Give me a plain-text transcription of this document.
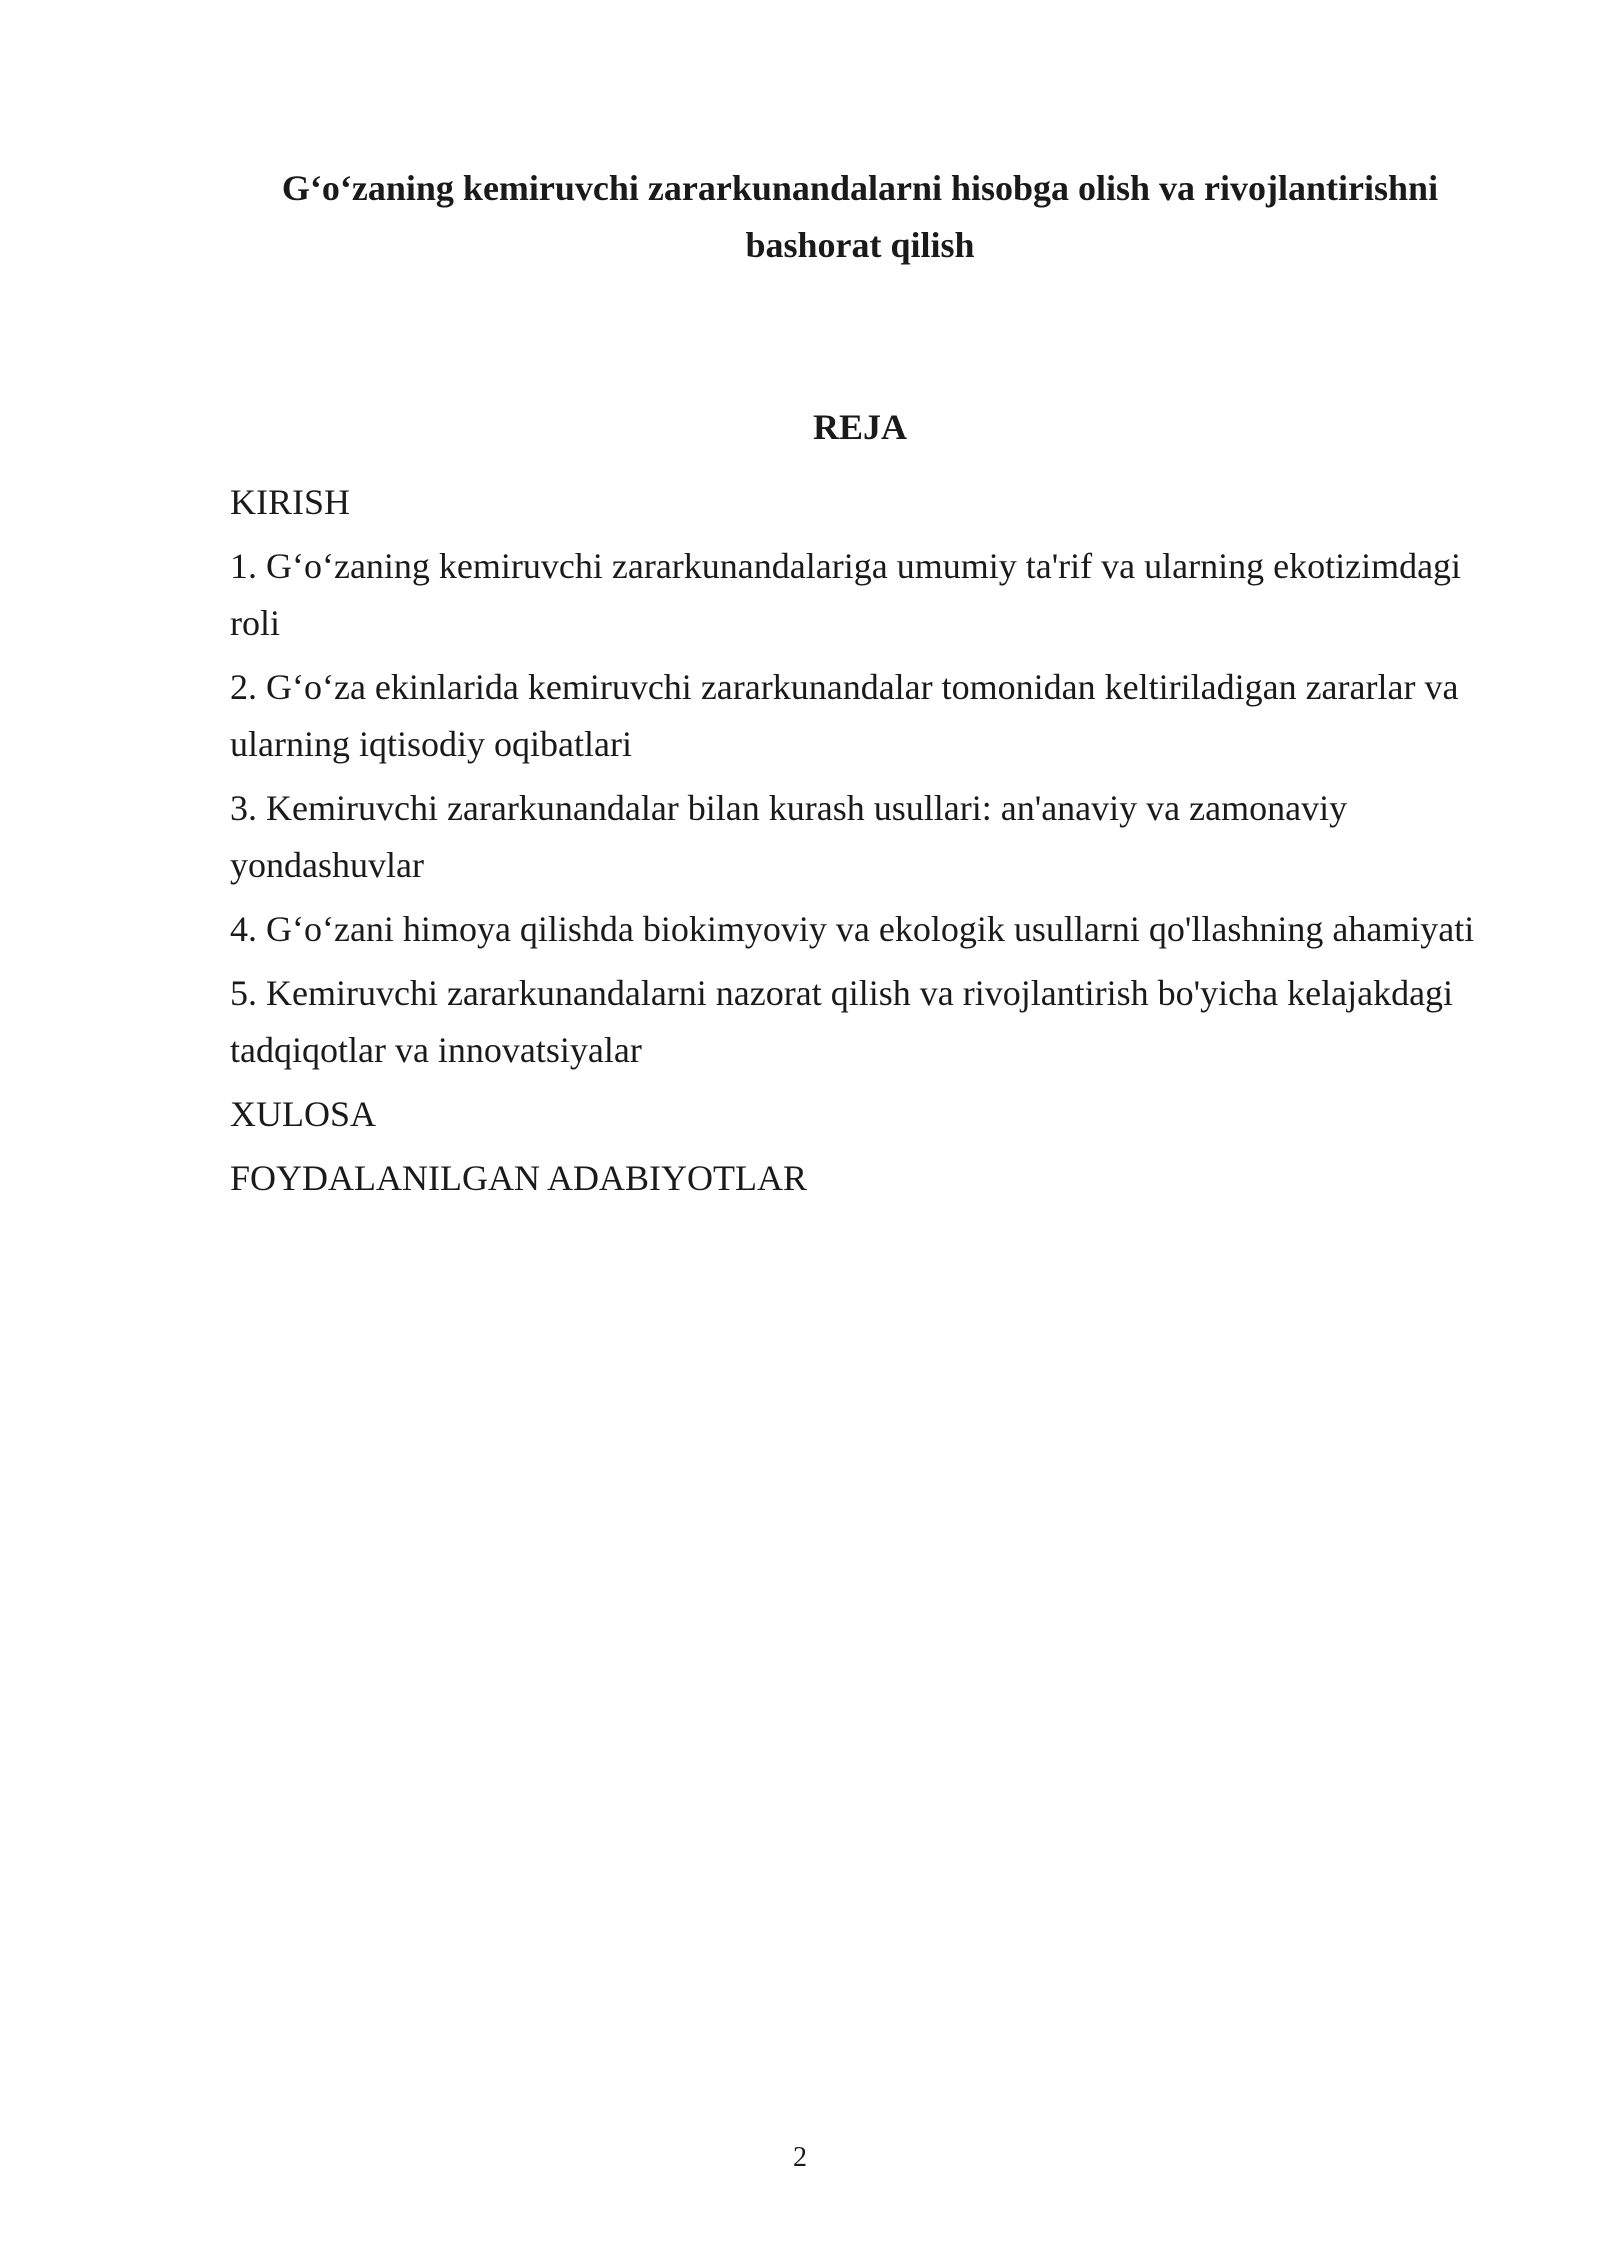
G‘o‘zaning kemiruvchi zararkunandalarni hisobga olish va rivojlantirishni bashorat qilish
REJA
KIRISH
1. G‘o‘zaning kemiruvchi zararkunandalariga umumiy ta'rif va ularning ekotizimdagi roli
2. G‘o‘za ekinlarida kemiruvchi zararkunandalar tomonidan keltiriladigan zararlar va ularning iqtisodiy oqibatlari
3. Kemiruvchi zararkunandalar bilan kurash usullari: an'anaviy va zamonaviy yondashuvlar
4. G‘o‘zani himoya qilishda biokimyoviy va ekologik usullarni qo'llashning ahamiyati
5. Kemiruvchi zararkunandalarni nazorat qilish va rivojlantirish bo'yicha kelajakdagi tadqiqotlar va innovatsiyalar
XULOSA
FOYDALANILGAN ADABIYOTLAR
2
